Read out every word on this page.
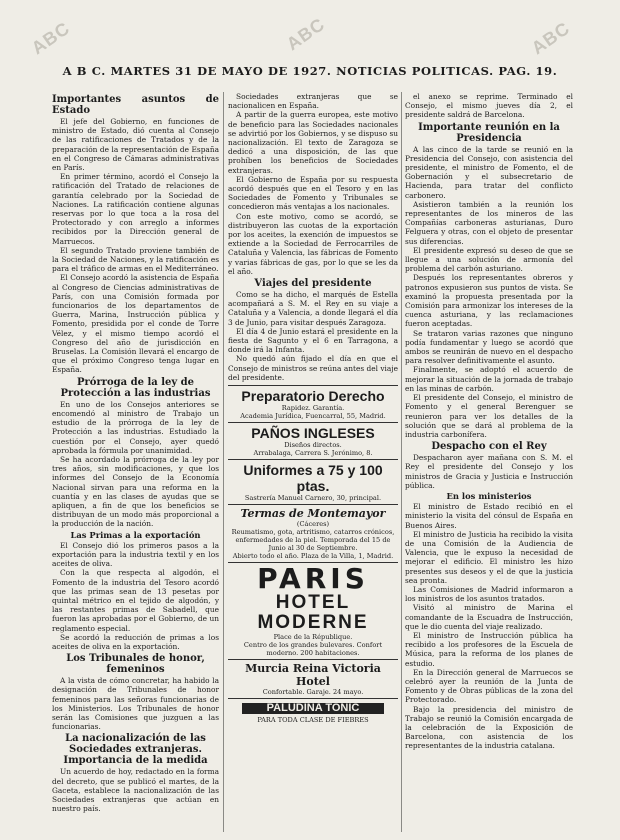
ABC	ABC	ABC
A B C. MARTES 31 DE MAYO DE 1927. NOTICIAS POLITICAS. PAG. 19.
Importantes asuntos de Estado

El jefe del Gobierno, en funciones de ministro de Estado, dió cuenta al Consejo de las ratificaciones de Tratados y de la preparación de la representación de España en el Congreso de Cámaras administrativas en París.

En primer término, acordó el Consejo la ratificación del Tratado de relaciones de garantía celebrado por la Sociedad de Naciones. La ratificación contiene algunas reservas por lo que toca a la rosa del Protectorado y con arreglo a informes recibidos por la Dirección general de Marruecos.

El segundo Tratado proviene también de la Sociedad de Naciones, y la ratificación es para el tráfico de armas en el Mediterráneo.

El Consejo acordó la asistencia de España al Congreso de Ciencias administrativas de París, con una Comisión formada por funcionarios de los departamentos de Guerra, Marina, Instrucción pública y Fomento, presidida por el conde de Torre Vélez, y el mismo tiempo acordó el Congreso del año de jurisdicción en Bruselas. La Comisión llevará el encargo de que el próximo Congreso tenga lugar en España.

Prórroga de la ley de Protección a las industrias

En uno de los Consejos anteriores se encomendó al ministro de Trabajo un estudio de la prórroga de la ley de Protección a las industrias. Estudiado la cuestión por el Consejo, ayer quedó aprobada la fórmula por unanimidad.

Se ha acordado la prórroga de la ley por tres años, sin modificaciones, y que los informes del Consejo de la Economía Nacional sirvan para una reforma en la cuantía y en las clases de ayudas que se apliquen, a fin de que los beneficios se distribuyan de un modo más proporcional a la producción de la nación.

Las Primas a la exportación

El Consejo dió los primeros pasos a la exportación para la industria textil y en los aceites de oliva.

Con la que respecta al algodón, el Fomento de la industria del Tesoro acordó que las primas sean de 13 pesetas por quintal métrico en el tejido de algodón, y las restantes primas de Sabadell, que fueron las aprobadas por el Gobierno, de un reglamento especial.

Se acordó la reducción de primas a los aceites de oliva en la exportación.

Los Tribunales de honor, femeninos

A la vista de cómo concretar, ha habido la designación de Tribunales de honor femeninos para las señoras funcionarias de los Ministerios. Los Tribunales de honor serán las Comisiones que juzguen a las funcionarias.

La nacionalización de las Sociedades extranjeras. Importancia de la medida

Un acuerdo de hoy, redactado en la forma del decreto, que se publicó el martes, de la Gaceta, establece la nacionalización de las Sociedades extranjeras que actúan en nuestro país.

Sociedades extranjeras que se nacionalicen en España.

A partir de la guerra europea, este motivo de beneficio para las Sociedades nacionales se advirtió por los Gobiernos, y se dispuso su nacionalización. El texto de Zaragoza se dedicó a una disposición, de las que prohíben los beneficios de Sociedades extranjeras.

El Gobierno de España por su respuesta acordó después que en el Tesoro y en las Sociedades de Fomento y Tribunales se concedieron más ventajas a los nacionales.

Con este motivo, como se acordó, se distribuyeron las cuotas de la exportación por los aceites, la exención de impuestos se extiende a la Sociedad de Ferrocarriles de Cataluña y Valencia, las fábricas de Fomento y varias fábricas de gas, por lo que se les da el año.

Viajes del presidente

Como se ha dicho, el marqués de Estella acompañará a S. M. el Rey en su viaje a Cataluña y a Valencia, a donde llegará el día 3 de Junio, para visitar después Zaragoza.

El día 4 de Junio estará el presidente en la fiesta de Sagunto y el 6 en Tarragona, a donde irá la Infanta.

No quedó aún fijado el día en que el Consejo de ministros se reúna antes del viaje del presidente.

Preparatorio Derecho
Rapidez. Garantía.
Academia Jurídica, Fuencarral, 55, Madrid.
PAÑOS INGLESES
Diseños directos.
Arrabalaga, Carrera S. Jerónimo, 8.
Uniformes a 75 y 100 ptas.
Sastrería Manuel Carnero, 30, principal.
Termas de Montemayor
(Cáceres)
Reumatismo, gota, artritismo, catarros crónicos, enfermedades de la piel. Temporada del 15 de Junio al 30 de Septiembre.
Abierto todo el año. Plaza de la Villa, 1, Madrid.
PARIS
HOTEL MODERNE
Place de la République.
Centro de los grandes bulevares. Confort moderno. 200 habitaciones.
Murcia Reina Victoria Hotel
Confortable. Garaje. 24 mayo.
PALUDINA TONIC
PARA TODA CLASE DE FIEBRES

el anexo se reprime. Terminado el Consejo, el mismo jueves día 2, el presidente saldrá de Barcelona.

Importante reunión en la Presidencia

A las cinco de la tarde se reunió en la Presidencia del Consejo, con asistencia del presidente, el ministro de Fomento, el de Gobernación y el subsecretario de Hacienda, para tratar del conflicto carbonero.

Asistieron también a la reunión los representantes de los mineros de las Compañías carboneras asturianas, Duro Felguera y otras, con el objeto de presentar sus diferencias.

El presidente expresó su deseo de que se llegue a una solución de armonía del problema del carbón asturiano.

Después los representantes obreros y patronos expusieron sus puntos de vista. Se examinó la propuesta presentada por la Comisión para armonizar los intereses de la cuenca asturiana, y las reclamaciones fueron aceptadas.

Se trataron varias razones que ninguno podía fundamentar y luego se acordó que ambos se reunirán de nuevo en el despacho para resolver definitivamente el asunto.

Finalmente, se adoptó el acuerdo de mejorar la situación de la jornada de trabajo en las minas de carbón.

El presidente del Consejo, el ministro de Fomento y el general Berenguer se reunieron para ver los detalles de la solución que se dará al problema de la industria carbonífera.

Despacho con el Rey

Despacharon ayer mañana con S. M. el Rey el presidente del Consejo y los ministros de Gracia y Justicia e Instrucción pública.

En los ministerios

El ministro de Estado recibió en el ministerio la visita del cónsul de España en Buenos Aires.

El ministro de Justicia ha recibido la visita de una Comisión de la Audiencia de Valencia, que le expuso la necesidad de mejorar el edificio. El ministro les hizo presentes sus deseos y el de que la justicia sea pronta.

Las Comisiones de Madrid informaron a los ministros de los asuntos tratados.

Visitó al ministro de Marina el comandante de la Escuadra de Instrucción, que le dio cuenta del viaje realizado.

El ministro de Instrucción pública ha recibido a los profesores de la Escuela de Música, para la reforma de los planes de estudio.

En la Dirección general de Marruecos se celebró ayer la reunión de la Junta de Fomento y de Obras públicas de la zona del Protectorado.

Bajo la presidencia del ministro de Trabajo se reunió la Comisión encargada de la celebración de la Exposición de Barcelona, con asistencia de los representantes de la industria catalana.
